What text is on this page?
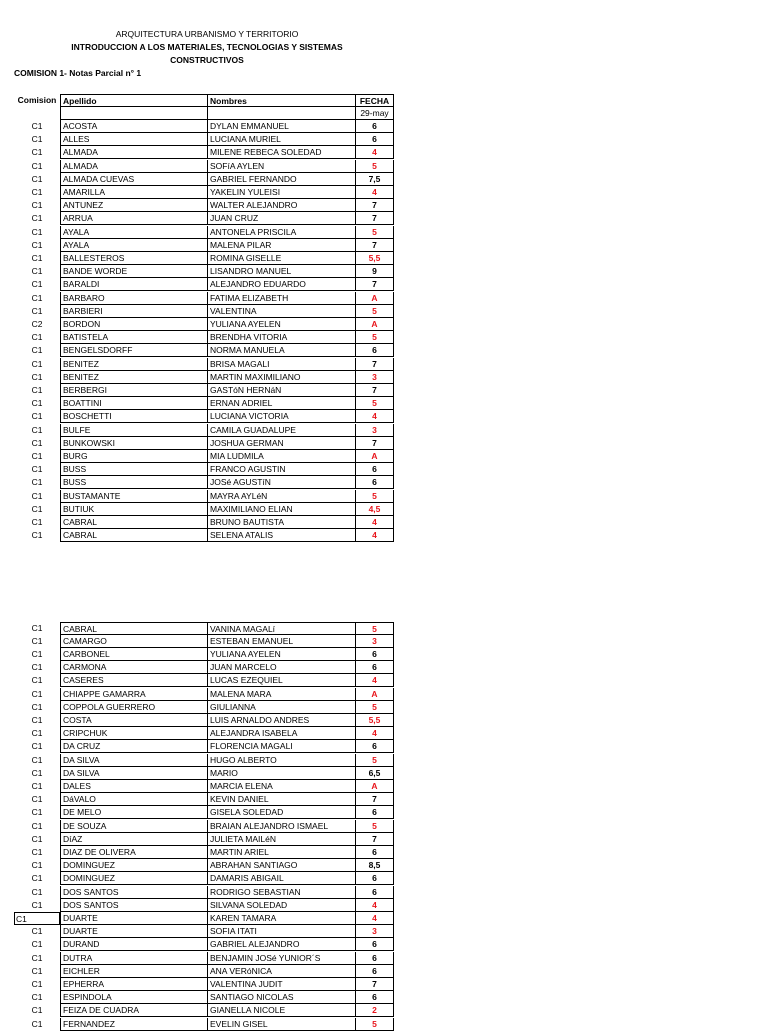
ARQUITECTURA URBANISMO Y TERRITORIO
INTRODUCCION A LOS MATERIALES, TECNOLOGIAS Y SISTEMAS
CONSTRUCTIVOS
COMISION 1- Notas Parcial n° 1
Comision Apellido	Nombres	FECHA
29-may
C1	ACOSTA	DYLAN EMMANUEL	6
C1	ALLES	LUCIANA MURIEL	6
C1	ALMADA	MILENE REBECA SOLEDAD	4
C1	ALMADA	SOFíA AYLEN	5
C1	ALMADA CUEVAS	GABRIEL FERNANDO	7,5
C1	AMARILLA	YAKELIN YULEISI	4
C1	ANTUNEZ	WALTER ALEJANDRO	7
C1	ARRUA	JUAN CRUZ	7
C1	AYALA	ANTONELA PRISCILA	5
C1	AYALA	MALENA PILAR	7
C1	BALLESTEROS	ROMINA GISELLE	5,5
C1	BANDE WORDE	LISANDRO MANUEL	9
C1	BARALDI	ALEJANDRO EDUARDO	7
C1	BARBARO	FATIMA ELIZABETH	A
C1	BARBIERI	VALENTINA	5
C2	BORDON	YULIANA AYELEN	A
C1	BATISTELA	BRENDHA VITORIA	5
C1	BENGELSDORFF	NORMA MANUELA	6
C1	BENITEZ	BRISA MAGALI	7
C1	BENITEZ	MARTIN MAXIMILIANO	3
C1	BERBERGI	GASTóN HERNáN	7
C1	BOATTINI	ERNAN ADRIEL	5
C1	BOSCHETTI	LUCIANA VICTORIA	4
C1	BULFE	CAMILA GUADALUPE	3
C1	BUNKOWSKI	JOSHUA GERMAN	7
C1	BURG	MIA LUDMILA	A
C1	BUSS	FRANCO AGUSTIN	6
C1	BUSS	JOSé AGUSTíN	6
C1	BUSTAMANTE	MAYRA AYLéN	5
C1	BUTIUK	MAXIMILIANO ELIAN	4,5
C1	CABRAL	BRUNO BAUTISTA	4
C1	CABRAL	SELENA ATALIS	4
C1	CABRAL	VANINA MAGALí	5
C1	CAMARGO	ESTEBAN EMANUEL	3
C1	CARBONEL	YULIANA AYELEN	6
C1	CARMONA	JUAN MARCELO	6
C1	CASERES	LUCAS EZEQUIEL	4
C1	CHIAPPE GAMARRA	MALENA MARA	A
C1	COPPOLA GUERRERO	GIULIANNA	5
C1	COSTA	LUIS ARNALDO ANDRES	5,5
C1	CRIPCHUK	ALEJANDRA ISABELA	4
C1	DA CRUZ	FLORENCIA MAGALI	6
C1	DA SILVA	HUGO ALBERTO	5
C1	DA SILVA	MARIO	6,5
C1	DALES	MARCIA ELENA	A
C1	DáVALO	KEVIN DANIEL	7
C1	DE MELO	GISELA SOLEDAD	6
C1	DE SOUZA	BRAIAN ALEJANDRO ISMAEL	5
C1	DíAZ	JULIETA MAILéN	7
C1	DIAZ DE OLIVERA	MARTIN ARIEL	6
C1	DOMINGUEZ	ABRAHAN SANTIAGO	8,5
C1	DOMINGUEZ	DAMARIS ABIGAIL	6
C1	DOS SANTOS	RODRIGO SEBASTIAN	6
C1	DOS SANTOS	SILVANA SOLEDAD	4
C1	DUARTE	KAREN TAMARA	4
C1	DUARTE	SOFIA ITATI	3
C1	DURAND	GABRIEL ALEJANDRO	6
C1	DUTRA	BENJAMIN JOSé YUNIOR´S	6
C1	EICHLER	ANA VERóNICA	6
C1	EPHERRA	VALENTINA JUDIT	7
C1	ESPINDOLA	SANTIAGO NICOLAS	6
C1	FEIZA DE CUADRA	GIANELLA NICOLE	2
C1	FERNANDEZ	EVELIN GISEL	5
